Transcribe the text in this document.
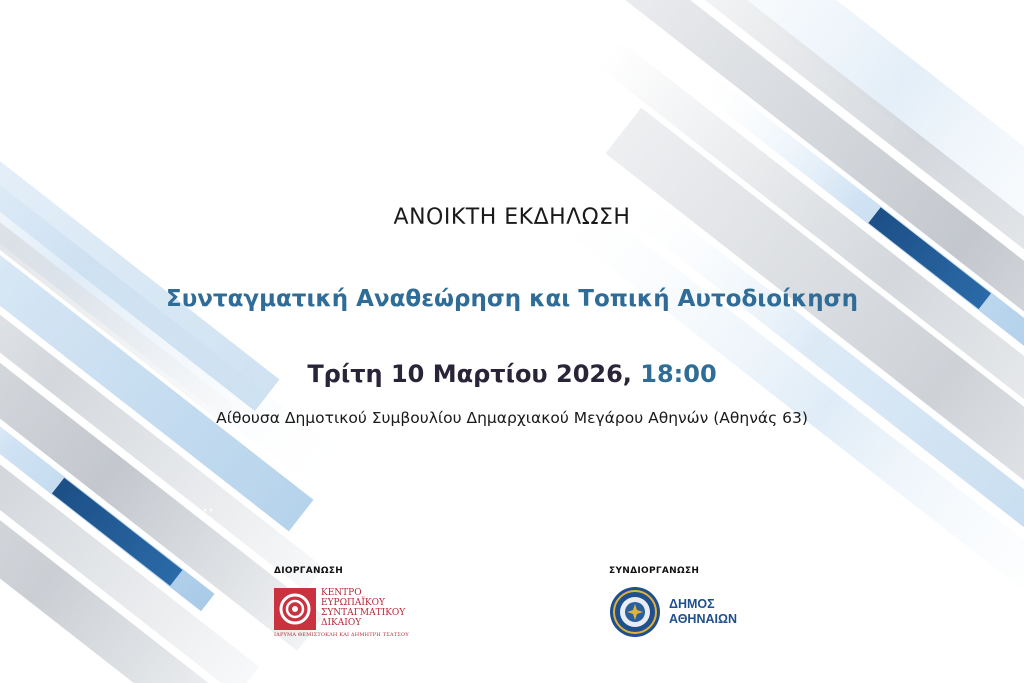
ΑΝΟΙΚΤΗ ΕΚΔΗΛΩΣΗ
Συνταγματική Αναθεώρηση και Τοπική Αυτοδιοίκηση
Τρίτη 10 Μαρτίου 2026, 18:00
Αίθουσα Δημοτικού Συμβουλίου Δημαρχιακού Μεγάρου Αθηνών (Αθηνάς 63)
ΔΙΟΡΓΑΝΩΣΗ
ΚΕΝΤΡΟ
ΕΥΡΩΠΑΪΚΟΥ
ΣΥΝΤΑΓΜΑΤΙΚΟΥ
ΔΙΚΑΙΟΥ
ΙΔΡΥΜΑ ΘΕΜΙΣΤΟΚΛΗ ΚΑΙ ΔΗΜΗΤΡΗ ΤΣΑΤΣΟΥ
ΣΥΝΔΙΟΡΓΑΝΩΣΗ
ΔΗΜΟΣ
ΑΘΗΝΑΙΩΝ
